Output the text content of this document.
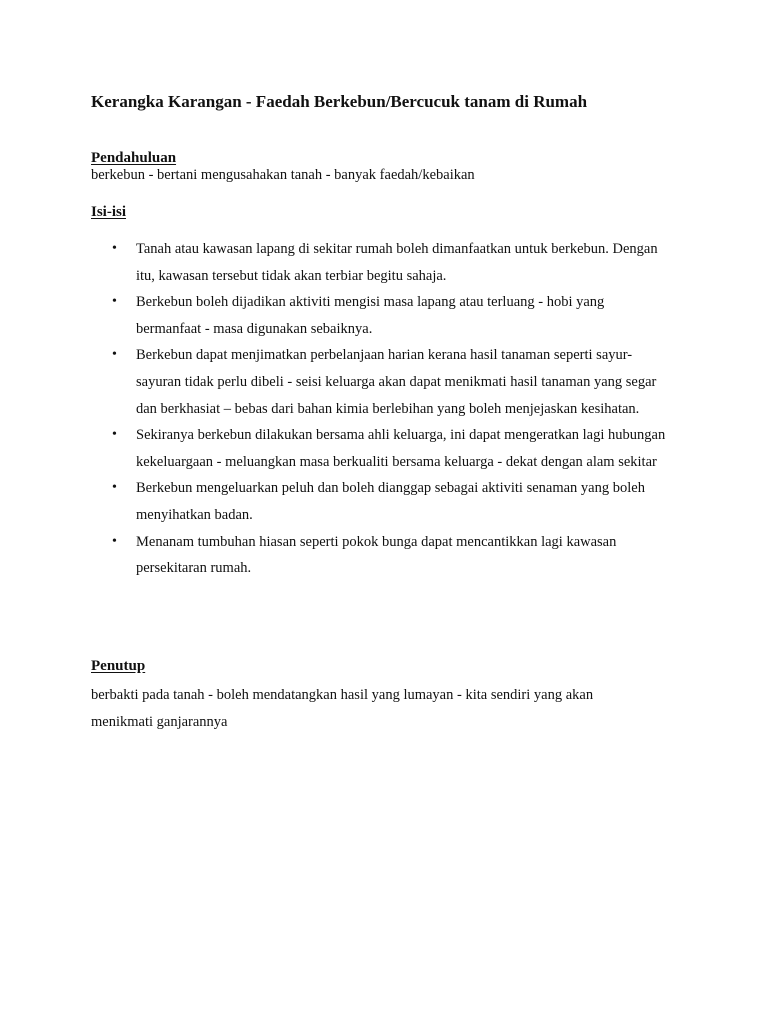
Kerangka Karangan - Faedah Berkebun/Bercucuk tanam di Rumah
Pendahuluan
berkebun - bertani mengusahakan tanah - banyak faedah/kebaikan
Isi-isi
• Tanah atau kawasan lapang di sekitar rumah boleh dimanfaatkan untuk berkebun. Dengan itu, kawasan tersebut tidak akan terbiar begitu sahaja.
• Berkebun boleh dijadikan aktiviti mengisi masa lapang atau terluang - hobi yang bermanfaat - masa digunakan sebaiknya.
• Berkebun dapat menjimatkan perbelanjaan harian kerana hasil tanaman seperti sayur-sayuran tidak perlu dibeli - seisi keluarga akan dapat menikmati hasil tanaman yang segar dan berkhasiat – bebas dari bahan kimia berlebihan yang boleh menjejaskan kesihatan.
• Sekiranya berkebun dilakukan bersama ahli keluarga, ini dapat mengeratkan lagi hubungan kekeluargaan - meluangkan masa berkualiti bersama keluarga - dekat dengan alam sekitar
• Berkebun mengeluarkan peluh dan boleh dianggap sebagai aktiviti senaman yang boleh menyihatkan badan.
• Menanam tumbuhan hiasan seperti pokok bunga dapat mencantikkan lagi kawasan persekitaran rumah.
Penutup
berbakti pada tanah - boleh mendatangkan hasil yang lumayan - kita sendiri yang akan menikmati ganjarannya
